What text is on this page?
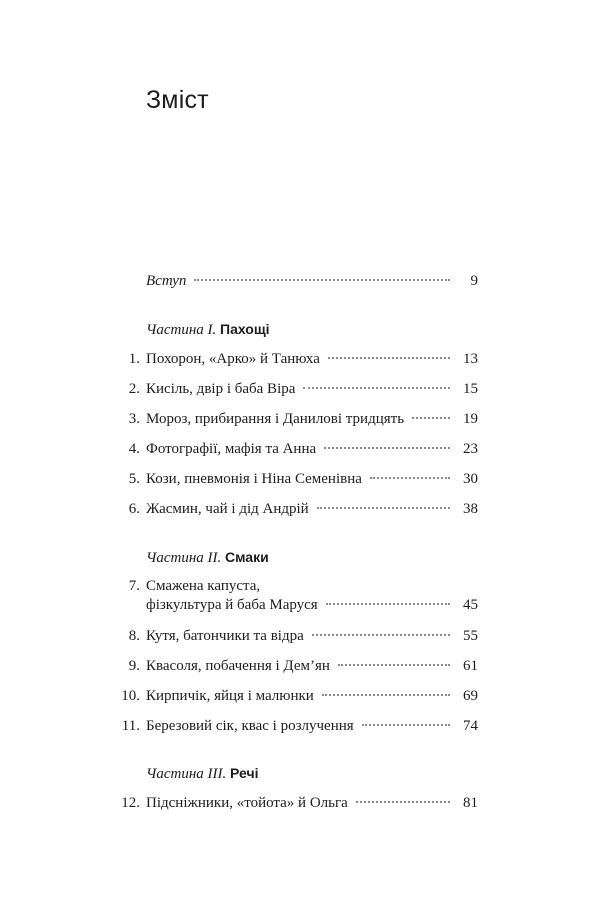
Зміст
Вступ	9
Частина I. Пахощі
1. Похорон, «Арко» й Танюха	13
2. Кисіль, двір і баба Віра	15
3. Мороз, прибирання і Данилові тридцять	19
4. Фотографії, мафія та Анна	23
5. Кози, пневмонія і Ніна Семенівна	30
6. Жасмин, чай і дід Андрій	38
Частина II. Смаки
7. Смажена капуста,
фізкультура й баба Маруся	45
8. Кутя, батончики та відра	55
9. Квасоля, побачення і Дем’ян	61
10. Кирпичік, яйця і малюнки	69
11. Березовий сік, квас і розлучення	74
Частина III. Речі
12. Підсніжники, «тойота» й Ольга	81
